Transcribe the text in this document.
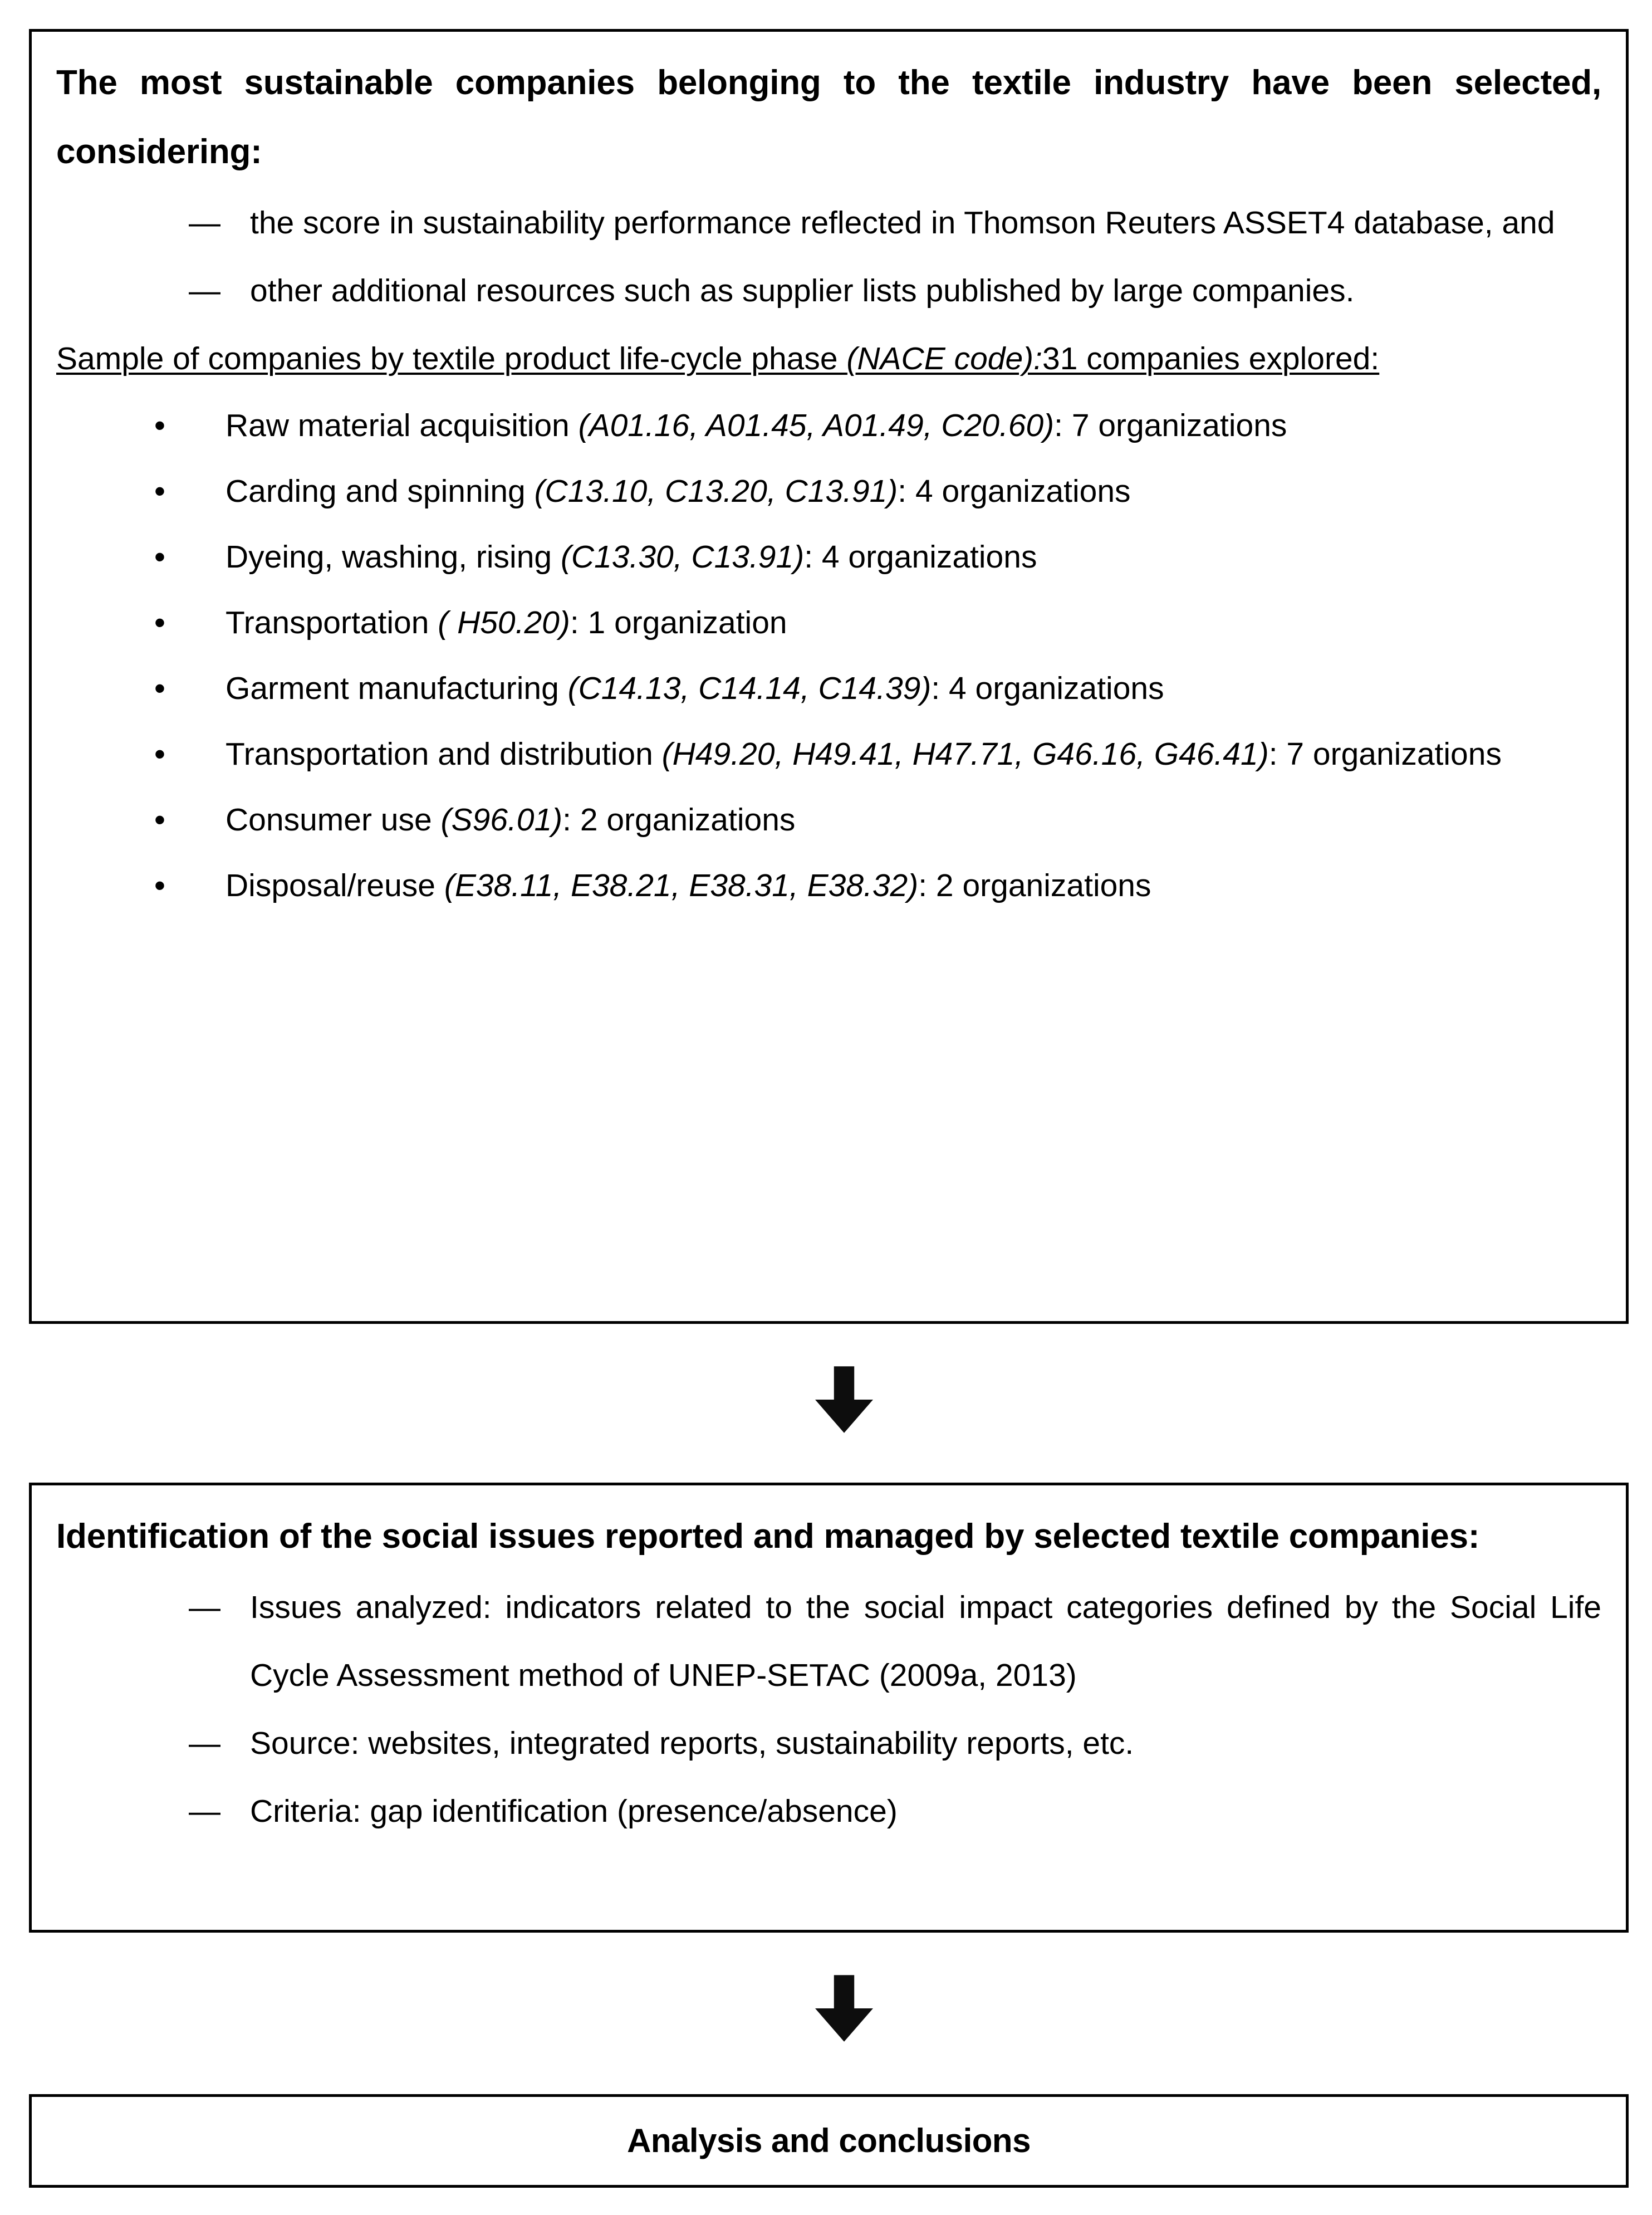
The most sustainable companies belonging to the textile industry have been selected, considering:

— the score in sustainability performance reflected in Thomson Reuters ASSET4 database, and
— other additional resources such as supplier lists published by large companies.

Sample of companies by textile product life-cycle phase (NACE code):31 companies explored:

•	Raw material acquisition (A01.16, A01.45, A01.49, C20.60): 7 organizations
•	Carding and spinning (C13.10, C13.20, C13.91): 4 organizations
•	Dyeing, washing, rising (C13.30, C13.91): 4 organizations
•	Transportation ( H50.20): 1 organization
•	Garment manufacturing (C14.13, C14.14, C14.39): 4 organizations
•	Transportation and distribution (H49.20, H49.41, H47.71, G46.16, G46.41): 7 organizations
•	Consumer use (S96.01): 2 organizations
•	Disposal/reuse (E38.11, E38.21, E38.31, E38.32): 2 organizations

Identification of the social issues reported and managed by selected textile companies:

— Issues analyzed: indicators related to the social impact categories defined by the Social Life Cycle Assessment method of UNEP-SETAC (2009a, 2013)
— Source: websites, integrated reports, sustainability reports, etc.
— Criteria: gap identification (presence/absence)
Analysis and conclusions
